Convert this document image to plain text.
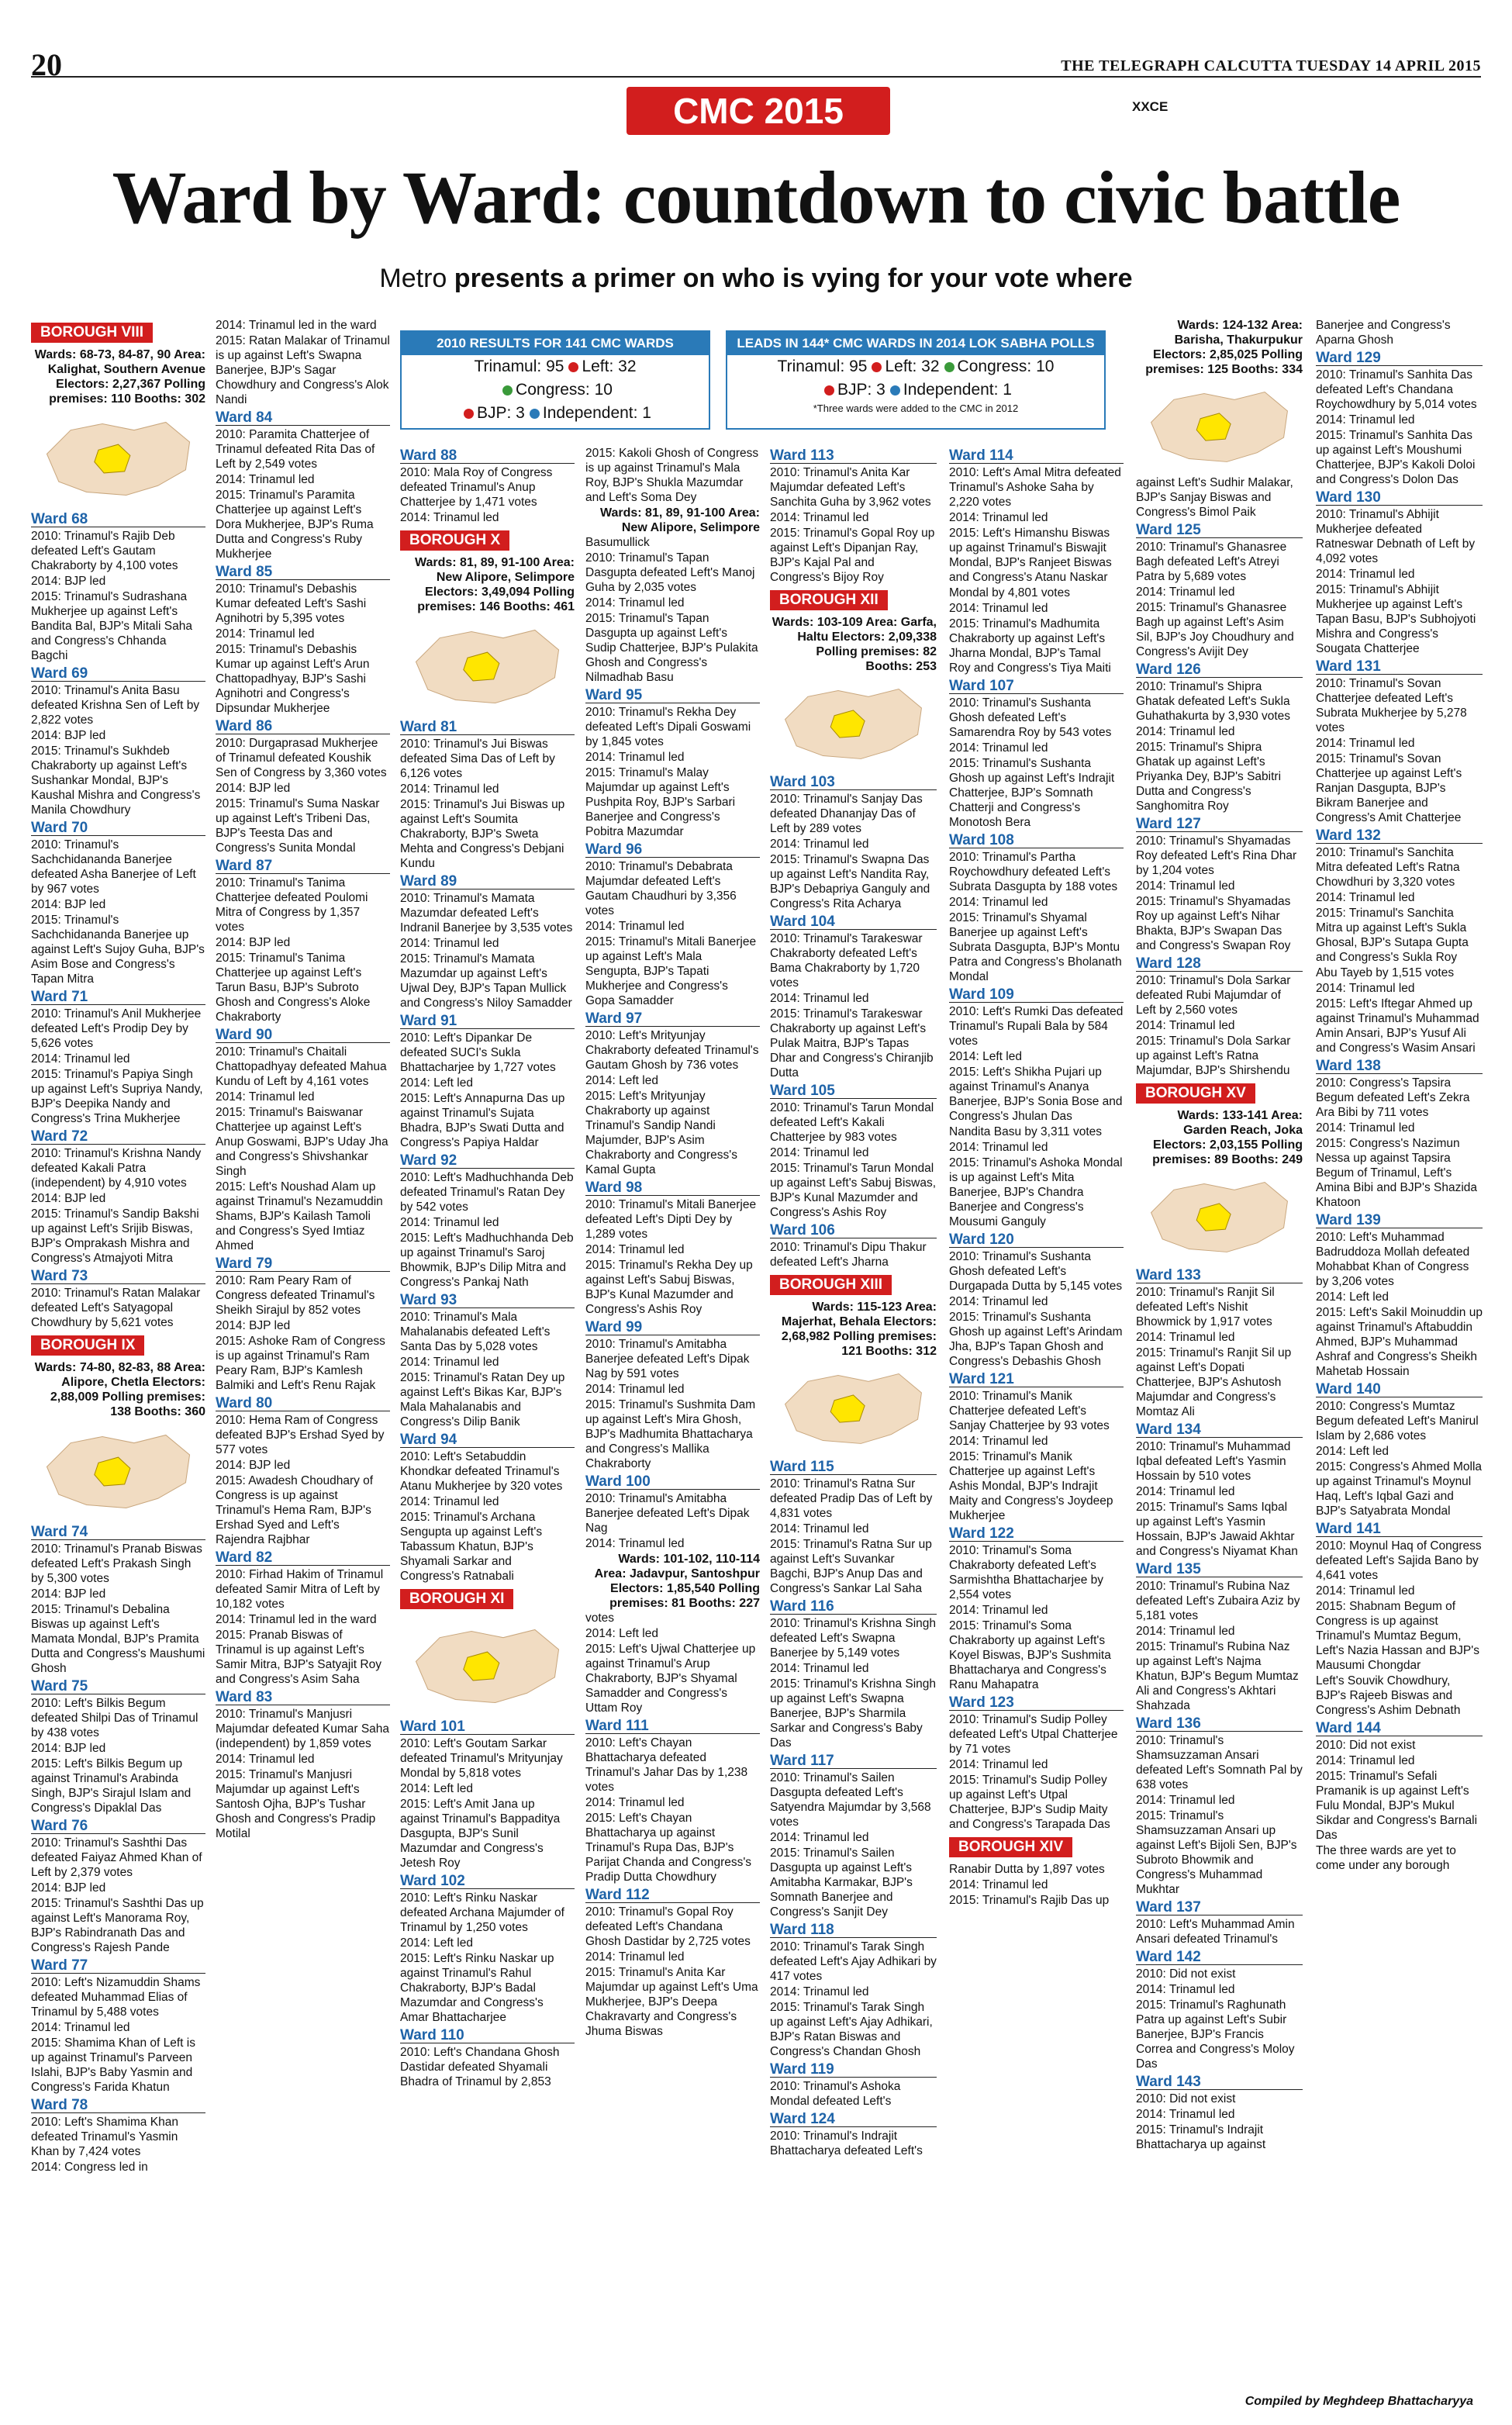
20	THE TELEGRAPH CALCUTTA TUESDAY 14 APRIL 2015
CMC 2015	XXCE
Ward by Ward: countdown to civic battle
Metro presents a primer on who is vying for your vote where
2010 RESULTS FOR 141 CMC WARDS
Trinamul: 95 Left: 32
Congress: 10
BJP: 3 Independent: 1
LEADS IN 144* CMC WARDS IN 2014 LOK SABHA POLLS
Trinamul: 95 Left: 32 Congress: 10
BJP: 3 Independent: 1
*Three wards were added to the CMC in 2012
BOROUGH VIII
Wards: 68-73, 84-87, 90 Area: Kalighat, Southern Avenue Electors: 2,27,367 Polling premises: 110 Booths: 302
Ward 68

2010: Trinamul's Rajib Deb defeated Left's Gautam Chakraborty by 4,100 votes

2014: BJP led

2015: Trinamul's Sudrashana Mukherjee up against Left's Bandita Bal, BJP's Mitali Saha and Congress's Chhanda Bagchi

Ward 69

2010: Trinamul's Anita Basu defeated Krishna Sen of Left by 2,822 votes

2014: BJP led

2015: Trinamul's Sukhdeb Chakraborty up against Left's Sushankar Mondal, BJP's Kaushal Mishra and Congress's Manila Chowdhury

Ward 70

2010: Trinamul's Sachchidananda Banerjee defeated Asha Banerjee of Left by 967 votes

2014: BJP led

2015: Trinamul's Sachchidananda Banerjee up against Left's Sujoy Guha, BJP's Asim Bose and Congress's Tapan Mitra

Ward 71

2010: Trinamul's Anil Mukherjee defeated Left's Prodip Dey by 5,626 votes

2014: Trinamul led

2015: Trinamul's Papiya Singh up against Left's Supriya Nandy, BJP's Deepika Nandy and Congress's Trina Mukherjee

Ward 72

2010: Trinamul's Krishna Nandy defeated Kakali Patra (independent) by 4,910 votes

2014: BJP led

2015: Trinamul's Sandip Bakshi up against Left's Srijib Biswas, BJP's Omprakash Mishra and Congress's Atmajyoti Mitra

Ward 73

2010: Trinamul's Ratan Malakar defeated Left's Satyagopal Chowdhury by 5,621 votes

BOROUGH IX
Wards: 74-80, 82-83, 88 Area: Alipore, Chetla Electors: 2,88,009 Polling premises: 138 Booths: 360
Ward 74

2010: Trinamul's Pranab Biswas defeated Left's Prakash Singh by 5,300 votes

2014: BJP led

2015: Trinamul's Debalina Biswas up against Left's Mamata Mondal, BJP's Pramita Dutta and Congress's Maushumi Ghosh

Ward 75

2010: Left's Bilkis Begum defeated Shilpi Das of Trinamul by 438 votes

2014: BJP led

2015: Left's Bilkis Begum up against Trinamul's Arabinda Singh, BJP's Sirajul Islam and Congress's Dipaklal Das

Ward 76

2010: Trinamul's Sashthi Das defeated Faiyaz Ahmed Khan of Left by 2,379 votes

2014: BJP led

2015: Trinamul's Sashthi Das up against Left's Manorama Roy, BJP's Rabindranath Das and Congress's Rajesh Pande

Ward 77

2010: Left's Nizamuddin Shams defeated Muhammad Elias of Trinamul by 5,488 votes

2014: Trinamul led

2015: Shamima Khan of Left is up against Trinamul's Parveen Islahi, BJP's Baby Yasmin and Congress's Farida Khatun

Ward 78

2010: Left's Shamima Khan defeated Trinamul's Yasmin Khan by 7,424 votes

2014: Congress led in

2014: Trinamul led in the ward

2015: Ratan Malakar of Trinamul is up against Left's Swapna Banerjee, BJP's Sagar Chowdhury and Congress's Alok Nandi

Ward 84

2010: Paramita Chatterjee of Trinamul defeated Rita Das of Left by 2,549 votes

2014: Trinamul led

2015: Trinamul's Paramita Chatterjee up against Left's Dora Mukherjee, BJP's Ruma Dutta and Congress's Ruby Mukherjee

Ward 85

2010: Trinamul's Debashis Kumar defeated Left's Sashi Agnihotri by 5,395 votes

2014: Trinamul led

2015: Trinamul's Debashis Kumar up against Left's Arun Chattopadhyay, BJP's Sashi Agnihotri and Congress's Dipsundar Mukherjee

Ward 86

2010: Durgaprasad Mukherjee of Trinamul defeated Koushik Sen of Congress by 3,360 votes

2014: BJP led

2015: Trinamul's Suma Naskar up against Left's Tribeni Das, BJP's Teesta Das and Congress's Sunita Mondal

Ward 87

2010: Trinamul's Tanima Chatterjee defeated Poulomi Mitra of Congress by 1,357 votes

2014: BJP led

2015: Trinamul's Tanima Chatterjee up against Left's Tarun Basu, BJP's Subroto Ghosh and Congress's Aloke Chakraborty

Ward 90

2010: Trinamul's Chaitali Chattopadhyay defeated Mahua Kundu of Left by 4,161 votes

2014: Trinamul led

2015: Trinamul's Baiswanar Chatterjee up against Left's Anup Goswami, BJP's Uday Jha and Congress's Shivshankar Singh

2015: Left's Noushad Alam up against Trinamul's Nezamuddin Shams, BJP's Kailash Tamoli and Congress's Syed Imtiaz Ahmed

Ward 79

2010: Ram Peary Ram of Congress defeated Trinamul's Sheikh Sirajul by 852 votes

2014: BJP led

2015: Ashoke Ram of Congress is up against Trinamul's Ram Peary Ram, BJP's Kamlesh Balmiki and Left's Renu Rajak

Ward 80

2010: Hema Ram of Congress defeated BJP's Ershad Syed by 577 votes

2014: BJP led

2015: Awadesh Choudhary of Congress is up against Trinamul's Hema Ram, BJP's Ershad Syed and Left's Rajendra Rajbhar

Ward 82

2010: Firhad Hakim of Trinamul defeated Samir Mitra of Left by 10,182 votes

2014: Trinamul led in the ward

2015: Pranab Biswas of Trinamul is up against Left's Samir Mitra, BJP's Satyajit Roy and Congress's Asim Saha

Ward 83

2010: Trinamul's Manjusri Majumdar defeated Kumar Saha (independent) by 1,859 votes

2014: Trinamul led

2015: Trinamul's Manjusri Majumdar up against Left's Santosh Ojha, BJP's Tushar Ghosh and Congress's Pradip Motilal

Ward 88

2010: Mala Roy of Congress defeated Trinamul's Anup Chatterjee by 1,471 votes

2014: Trinamul led

BOROUGH X
Wards: 81, 89, 91-100 Area: New Alipore, Selimpore Electors: 3,49,094 Polling premises: 146 Booths: 461
Ward 81

2010: Trinamul's Jui Biswas defeated Sima Das of Left by 6,126 votes

2014: Trinamul led

2015: Trinamul's Jui Biswas up against Left's Soumita Chakraborty, BJP's Sweta Mehta and Congress's Debjani Kundu

Ward 89

2010: Trinamul's Mamata Mazumdar defeated Left's Indranil Banerjee by 3,535 votes

2014: Trinamul led

2015: Trinamul's Mamata Mazumdar up against Left's Ujwal Dey, BJP's Tapan Mullick and Congress's Niloy Samadder

Ward 91

2010: Left's Dipankar De defeated SUCI's Sukla Bhattacharjee by 1,727 votes

2014: Left led

2015: Left's Annapurna Das up against Trinamul's Sujata Bhadra, BJP's Swati Dutta and Congress's Papiya Haldar

Ward 92

2010: Left's Madhuchhanda Deb defeated Trinamul's Ratan Dey by 542 votes

2014: Trinamul led

2015: Left's Madhuchhanda Deb up against Trinamul's Saroj Bhowmik, BJP's Dilip Mitra and Congress's Pankaj Nath

Ward 93

2010: Trinamul's Mala Mahalanabis defeated Left's Santa Das by 5,028 votes

2014: Trinamul led

2015: Trinamul's Ratan Dey up against Left's Bikas Kar, BJP's Mala Mahalanabis and Congress's Dilip Banik

Ward 94

2010: Left's Setabuddin Khondkar defeated Trinamul's Atanu Mukherjee by 320 votes

2014: Trinamul led

2015: Trinamul's Archana Sengupta up against Left's Tabassum Khatun, BJP's Shyamali Sarkar and Congress's Ratnabali

BOROUGH XI
Ward 101

2010: Left's Goutam Sarkar defeated Trinamul's Mrityunjay Mondal by 5,818 votes

2014: Left led

2015: Left's Amit Jana up against Trinamul's Bappaditya Dasgupta, BJP's Sunil Mazumdar and Congress's Jetesh Roy

Ward 102

2010: Left's Rinku Naskar defeated Archana Majumder of Trinamul by 1,250 votes

2014: Left led

2015: Left's Rinku Naskar up against Trinamul's Rahul Chakraborty, BJP's Badal Mazumdar and Congress's Amar Bhattacharjee

Ward 110

2010: Left's Chandana Ghosh Dastidar defeated Shyamali Bhadra of Trinamul by 2,853

2015: Kakoli Ghosh of Congress is up against Trinamul's Mala Roy, BJP's Shukla Mazumdar and Left's Soma Dey

Wards: 81, 89, 91-100 Area: New Alipore, Selimpore

Basumullick

2010: Trinamul's Tapan Dasgupta defeated Left's Manoj Guha by 2,035 votes

2014: Trinamul led

2015: Trinamul's Tapan Dasgupta up against Left's Sudip Chatterjee, BJP's Pulakita Ghosh and Congress's Nilmadhab Basu

Ward 95

2010: Trinamul's Rekha Dey defeated Left's Dipali Goswami by 1,845 votes

2014: Trinamul led

2015: Trinamul's Malay Majumdar up against Left's Pushpita Roy, BJP's Sarbari Banerjee and Congress's Pobitra Mazumdar

Ward 96

2010: Trinamul's Debabrata Majumdar defeated Left's Gautam Chaudhuri by 3,356 votes

2014: Trinamul led

2015: Trinamul's Mitali Banerjee up against Left's Mala Sengupta, BJP's Tapati Mukherjee and Congress's Gopa Samadder

Ward 97

2010: Left's Mrityunjay Chakraborty defeated Trinamul's Gautam Ghosh by 736 votes

2014: Left led

2015: Left's Mrityunjay Chakraborty up against Trinamul's Sandip Nandi Majumder, BJP's Asim Chakraborty and Congress's Kamal Gupta

Ward 98

2010: Trinamul's Mitali Banerjee defeated Left's Dipti Dey by 1,289 votes

2014: Trinamul led

2015: Trinamul's Rekha Dey up against Left's Sabuj Biswas, BJP's Kunal Mazumder and Congress's Ashis Roy

Ward 99

2010: Trinamul's Amitabha Banerjee defeated Left's Dipak Nag by 591 votes

2014: Trinamul led

2015: Trinamul's Sushmita Dam up against Left's Mira Ghosh, BJP's Madhumita Bhattacharya and Congress's Mallika Chakraborty

Ward 100

2010: Trinamul's Amitabha Banerjee defeated Left's Dipak Nag

2014: Trinamul led

Wards: 101-102, 110-114 Area: Jadavpur, Santoshpur Electors: 1,85,540 Polling premises: 81 Booths: 227

votes

2014: Left led

2015: Left's Ujwal Chatterjee up against Trinamul's Arup Chakraborty, BJP's Shyamal Samadder and Congress's Uttam Roy

Ward 111

2010: Left's Chayan Bhattacharya defeated Trinamul's Jahar Das by 1,238 votes

2014: Trinamul led

2015: Left's Chayan Bhattacharya up against Trinamul's Rupa Das, BJP's Parijat Chanda and Congress's Pradip Dutta Chowdhury

Ward 112

2010: Trinamul's Gopal Roy defeated Left's Chandana Ghosh Dastidar by 2,725 votes

2014: Trinamul led

2015: Trinamul's Anita Kar Majumdar up against Left's Uma Mukherjee, BJP's Deepa Chakravarty and Congress's Jhuma Biswas

Ward 113

2010: Trinamul's Anita Kar Majumdar defeated Left's Sanchita Guha by 3,962 votes

2014: Trinamul led

2015: Trinamul's Gopal Roy up against Left's Dipanjan Ray, BJP's Kajal Pal and Congress's Bijoy Roy

BOROUGH XII
Wards: 103-109 Area: Garfa, Haltu Electors: 2,09,338 Polling premises: 82 Booths: 253
Ward 103

2010: Trinamul's Sanjay Das defeated Dhananjay Das of Left by 289 votes

2014: Trinamul led

2015: Trinamul's Swapna Das up against Left's Nandita Ray, BJP's Debapriya Ganguly and Congress's Rita Acharya

Ward 104

2010: Trinamul's Tarakeswar Chakraborty defeated Left's Bama Chakraborty by 1,720 votes

2014: Trinamul led

2015: Trinamul's Tarakeswar Chakraborty up against Left's Pulak Maitra, BJP's Tapas Dhar and Congress's Chiranjib Dutta

Ward 105

2010: Trinamul's Tarun Mondal defeated Left's Kakali Chatterjee by 983 votes

2014: Trinamul led

2015: Trinamul's Tarun Mondal up against Left's Sabuj Biswas, BJP's Kunal Mazumder and Congress's Ashis Roy

Ward 106

2010: Trinamul's Dipu Thakur defeated Left's Jharna

BOROUGH XIII
Wards: 115-123 Area: Majerhat, Behala Electors: 2,68,982 Polling premises: 121 Booths: 312
Ward 115

2010: Trinamul's Ratna Sur defeated Pradip Das of Left by 4,831 votes

2014: Trinamul led

2015: Trinamul's Ratna Sur up against Left's Suvankar Bagchi, BJP's Anup Das and Congress's Sankar Lal Saha

Ward 116

2010: Trinamul's Krishna Singh defeated Left's Swapna Banerjee by 5,149 votes

2014: Trinamul led

2015: Trinamul's Krishna Singh up against Left's Swapna Banerjee, BJP's Sharmila Sarkar and Congress's Baby Das

Ward 117

2010: Trinamul's Sailen Dasgupta defeated Left's Satyendra Majumdar by 3,568 votes

2014: Trinamul led

2015: Trinamul's Sailen Dasgupta up against Left's Amitabha Karmakar, BJP's Somnath Banerjee and Congress's Sanjit Dey

Ward 118

2010: Trinamul's Tarak Singh defeated Left's Ajay Adhikari by 417 votes

2014: Trinamul led

2015: Trinamul's Tarak Singh up against Left's Ajay Adhikari, BJP's Ratan Biswas and Congress's Chandan Ghosh

Ward 119

2010: Trinamul's Ashoka Mondal defeated Left's

Ward 124

2010: Trinamul's Indrajit Bhattacharya defeated Left's

Ward 114

2010: Left's Amal Mitra defeated Trinamul's Ashoke Saha by 2,220 votes

2014: Trinamul led

2015: Left's Himanshu Biswas up against Trinamul's Biswajit Mondal, BJP's Ranjeet Biswas and Congress's Atanu Naskar

Mondal by 4,801 votes

2014: Trinamul led

2015: Trinamul's Madhumita Chakraborty up against Left's Jharna Mondal, BJP's Tamal Roy and Congress's Tiya Maiti

Ward 107

2010: Trinamul's Sushanta Ghosh defeated Left's Samarendra Roy by 543 votes

2014: Trinamul led

2015: Trinamul's Sushanta Ghosh up against Left's Indrajit Chatterjee, BJP's Somnath Chatterji and Congress's Monotosh Bera

Ward 108

2010: Trinamul's Partha Roychowdhury defeated Left's Subrata Dasgupta by 188 votes

2014: Trinamul led

2015: Trinamul's Shyamal Banerjee up against Left's Subrata Dasgupta, BJP's Montu Patra and Congress's Bholanath Mondal

Ward 109

2010: Left's Rumki Das defeated Trinamul's Rupali Bala by 584 votes

2014: Left led

2015: Left's Shikha Pujari up against Trinamul's Ananya Banerjee, BJP's Sonia Bose and Congress's Jhulan Das

Nandita Basu by 3,311 votes

2014: Trinamul led

2015: Trinamul's Ashoka Mondal is up against Left's Mita Banerjee, BJP's Chandra Banerjee and Congress's Mousumi Ganguly

Ward 120

2010: Trinamul's Sushanta Ghosh defeated Left's Durgapada Dutta by 5,145 votes

2014: Trinamul led

2015: Trinamul's Sushanta Ghosh up against Left's Arindam Jha, BJP's Tapan Ghosh and Congress's Debashis Ghosh

Ward 121

2010: Trinamul's Manik Chatterjee defeated Left's Sanjay Chatterjee by 93 votes

2014: Trinamul led

2015: Trinamul's Manik Chatterjee up against Left's Ashis Mondal, BJP's Indrajit Maity and Congress's Joydeep Mukherjee

Ward 122

2010: Trinamul's Soma Chakraborty defeated Left's Sarmishtha Bhattacharjee by 2,554 votes

2014: Trinamul led

2015: Trinamul's Soma Chakraborty up against Left's Koyel Biswas, BJP's Sushmita Bhattacharya and Congress's Ranu Mahapatra

Ward 123

2010: Trinamul's Sudip Polley defeated Left's Utpal Chatterjee by 71 votes

2014: Trinamul led

2015: Trinamul's Sudip Polley up against Left's Utpal Chatterjee, BJP's Sudip Maity and Congress's Tarapada Das

BOROUGH XIV

Ranabir Dutta by 1,897 votes

2014: Trinamul led

2015: Trinamul's Rajib Das up

Wards: 124-132 Area: Barisha, Thakurpukur Electors: 2,85,025 Polling premises: 125 Booths: 334

against Left's Sudhir Malakar, BJP's Sanjay Biswas and Congress's Bimol Paik

Ward 125

2010: Trinamul's Ghanasree Bagh defeated Left's Atreyi Patra by 5,689 votes

2014: Trinamul led

2015: Trinamul's Ghanasree Bagh up against Left's Asim Sil, BJP's Joy Choudhury and Congress's Avijit Dey

Ward 126

2010: Trinamul's Shipra Ghatak defeated Left's Sukla Guhathakurta by 3,930 votes

2014: Trinamul led

2015: Trinamul's Shipra Ghatak up against Left's Priyanka Dey, BJP's Sabitri Dutta and Congress's Sanghomitra Roy

Ward 127

2010: Trinamul's Shyamadas Roy defeated Left's Rina Dhar by 1,204 votes

2014: Trinamul led

2015: Trinamul's Shyamadas Roy up against Left's Nihar Bhakta, BJP's Swapan Das and Congress's Swapan Roy

Ward 128

2010: Trinamul's Dola Sarkar defeated Rubi Majumdar of Left by 2,560 votes

2014: Trinamul led

2015: Trinamul's Dola Sarkar up against Left's Ratna Majumdar, BJP's Shirshendu

BOROUGH XV
Wards: 133-141 Area: Garden Reach, Joka Electors: 2,03,155 Polling premises: 89 Booths: 249
Ward 133

2010: Trinamul's Ranjit Sil defeated Left's Nishit Bhowmick by 1,917 votes

2014: Trinamul led

2015: Trinamul's Ranjit Sil up against Left's Dopati Chatterjee, BJP's Ashutosh Majumdar and Congress's Momtaz Ali

Ward 134

2010: Trinamul's Muhammad Iqbal defeated Left's Yasmin Hossain by 510 votes

2014: Trinamul led

2015: Trinamul's Sams Iqbal up against Left's Yasmin Hossain, BJP's Jawaid Akhtar and Congress's Niyamat Khan

Ward 135

2010: Trinamul's Rubina Naz defeated Left's Zubaira Aziz by 5,181 votes

2014: Trinamul led

2015: Trinamul's Rubina Naz up against Left's Najma Khatun, BJP's Begum Mumtaz Ali and Congress's Akhtari Shahzada

Ward 136

2010: Trinamul's Shamsuzzaman Ansari defeated Left's Somnath Pal by 638 votes

2014: Trinamul led

2015: Trinamul's Shamsuzzaman Ansari up against Left's Bijoli Sen, BJP's Subroto Bhowmik and Congress's Muhammad Mukhtar

Ward 137

2010: Left's Muhammad Amin Ansari defeated Trinamul's

Ward 142

2010: Did not exist

2014: Trinamul led

2015: Trinamul's Raghunath Patra up against Left's Subir Banerjee, BJP's Francis Correa and Congress's Moloy Das

Ward 143

2010: Did not exist

2014: Trinamul led

2015: Trinamul's Indrajit Bhattacharya up against

Banerjee and Congress's Aparna Ghosh

Ward 129

2010: Trinamul's Sanhita Das defeated Left's Chandana Roychowdhury by 5,014 votes

2014: Trinamul led

2015: Trinamul's Sanhita Das up against Left's Moushumi Chatterjee, BJP's Kakoli Doloi and Congress's Dolon Das

Ward 130

2010: Trinamul's Abhijit Mukherjee defeated Ratneswar Debnath of Left by 4,092 votes

2014: Trinamul led

2015: Trinamul's Abhijit Mukherjee up against Left's Tapan Basu, BJP's Subhojyoti Mishra and Congress's Sougata Chatterjee

Ward 131

2010: Trinamul's Sovan Chatterjee defeated Left's Subrata Mukherjee by 5,278 votes

2014: Trinamul led

2015: Trinamul's Sovan Chatterjee up against Left's Ranjan Dasgupta, BJP's Bikram Banerjee and Congress's Amit Chatterjee

Ward 132

2010: Trinamul's Sanchita Mitra defeated Left's Ratna Chowdhuri by 3,320 votes

2014: Trinamul led

2015: Trinamul's Sanchita Mitra up against Left's Sukla Ghosal, BJP's Sutapa Gupta and Congress's Sukla Roy

Abu Tayeb by 1,515 votes

2014: Trinamul led

2015: Left's Iftegar Ahmed up against Trinamul's Muhammad Amin Ansari, BJP's Yusuf Ali and Congress's Wasim Ansari

Ward 138

2010: Congress's Tapsira Begum defeated Left's Zekra Ara Bibi by 711 votes

2014: Trinamul led

2015: Congress's Nazimun Nessa up against Tapsira Begum of Trinamul, Left's Amina Bibi and BJP's Shazida Khatoon

Ward 139

2010: Left's Muhammad Badruddoza Mollah defeated Mohabbat Khan of Congress by 3,206 votes

2014: Left led

2015: Left's Sakil Moinuddin up against Trinamul's Aftabuddin Ahmed, BJP's Muhammad Ashraf and Congress's Sheikh Mahetab Hossain

Ward 140

2010: Congress's Mumtaz Begum defeated Left's Manirul Islam by 2,686 votes

2014: Left led

2015: Congress's Ahmed Molla up against Trinamul's Moynul Haq, Left's Iqbal Gazi and BJP's Satyabrata Mondal

Ward 141

2010: Moynul Haq of Congress defeated Left's Sajida Bano by 4,641 votes

2014: Trinamul led

2015: Shabnam Begum of Congress is up against Trinamul's Mumtaz Begum, Left's Nazia Hassan and BJP's Mausumi Chongdar

Left's Souvik Chowdhury, BJP's Rajeeb Biswas and Congress's Ashim Debnath

Ward 144

2010: Did not exist

2014: Trinamul led

2015: Trinamul's Sefali Pramanik is up against Left's Fulu Mondal, BJP's Mukul Sikdar and Congress's Barnali Das

The three wards are yet to come under any borough

Compiled by Meghdeep Bhattacharyya
